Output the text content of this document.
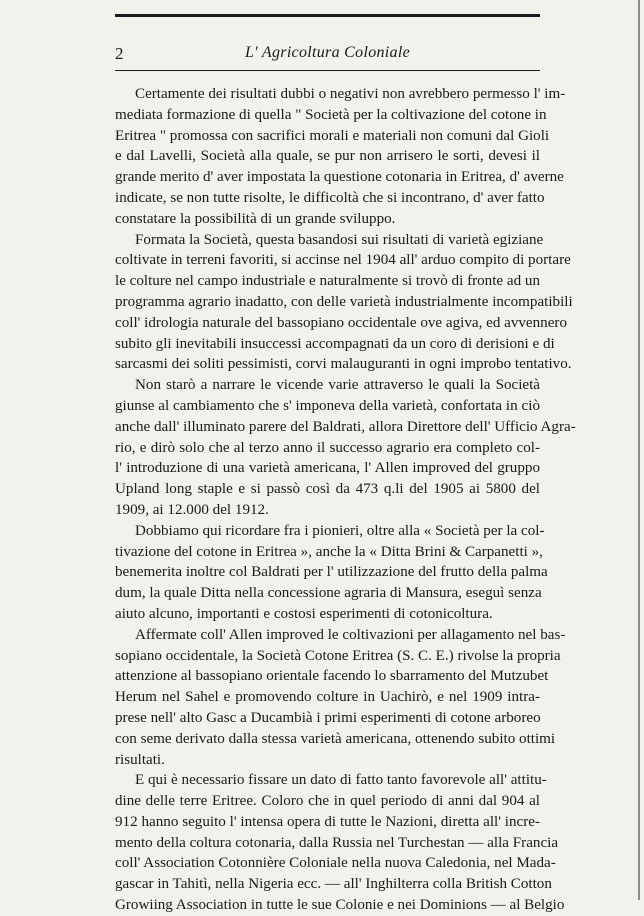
2	L' Agricoltura Coloniale
Certamente dei risultati dubbi o negativi non avrebbero permesso l' im-
mediata formazione di quella " Società per la coltivazione del cotone in
Eritrea " promossa con sacrifici morali e materiali non comuni dal Gioli
e dal Lavelli, Società alla quale, se pur non arrisero le sorti, devesi il
grande merito d' aver impostata la questione cotonaria in Eritrea, d' averne
indicate, se non tutte risolte, le difficoltà che si incontrano, d' aver fatto
constatare la possibilità di un grande sviluppo.
Formata la Società, questa basandosi sui risultati di varietà egiziane
coltivate in terreni favoriti, si accinse nel 1904 all' arduo compito di portare
le colture nel campo industriale e naturalmente si trovò di fronte ad un
programma agrario inadatto, con delle varietà industrialmente incompatibili
coll' idrologia naturale del bassopiano occidentale ove agiva, ed avvennero
subito gli inevitabili insuccessi accompagnati da un coro di derisioni e di
sarcasmi dei soliti pessimisti, corvi malauguranti in ogni improbo tentativo.
Non starò a narrare le vicende varie attraverso le quali la Società
giunse al cambiamento che s' imponeva della varietà, confortata in ciò
anche dall' illuminato parere del Baldrati, allora Direttore dell' Ufficio Agra-
rio, e dirò solo che al terzo anno il successo agrario era completo col-
l' introduzione di una varietà americana, l' Allen improved del gruppo
Upland long staple e si passò così da 473 q.li del 1905 ai 5800 del
1909, ai 12.000 del 1912.
Dobbiamo qui ricordare fra i pionieri, oltre alla « Società per la col-
tivazione del cotone in Eritrea », anche la « Ditta Brini & Carpanetti »,
benemerita inoltre col Baldrati per l' utilizzazione del frutto della palma
dum, la quale Ditta nella concessione agraria di Mansura, eseguì senza
aiuto alcuno, importanti e costosi esperimenti di cotonicoltura.
Affermate coll' Allen improved le coltivazioni per allagamento nel bas-
sopiano occidentale, la Società Cotone Eritrea (S. C. E.) rivolse la propria
attenzione al bassopiano orientale facendo lo sbarramento del Mutzubet
Herum nel Sahel e promovendo colture in Uachirò, e nel 1909 intra-
prese nell' alto Gasc a Ducambià i primi esperimenti di cotone arboreo
con seme derivato dalla stessa varietà americana, ottenendo subito ottimi
risultati.
E qui è necessario fissare un dato di fatto tanto favorevole all' attitu-
dine delle terre Eritree. Coloro che in quel periodo di anni dal 904 al
912 hanno seguito l' intensa opera di tutte le Nazioni, diretta all' incre-
mento della coltura cotonaria, dalla Russia nel Turchestan — alla Francia
coll' Association Cotonnière Coloniale nella nuova Caledonia, nel Mada-
gascar in Tahitì, nella Nigeria ecc. — all' Inghilterra colla British Cotton
Growiing Association in tutte le sue Colonie e nei Dominions — al Belgio
